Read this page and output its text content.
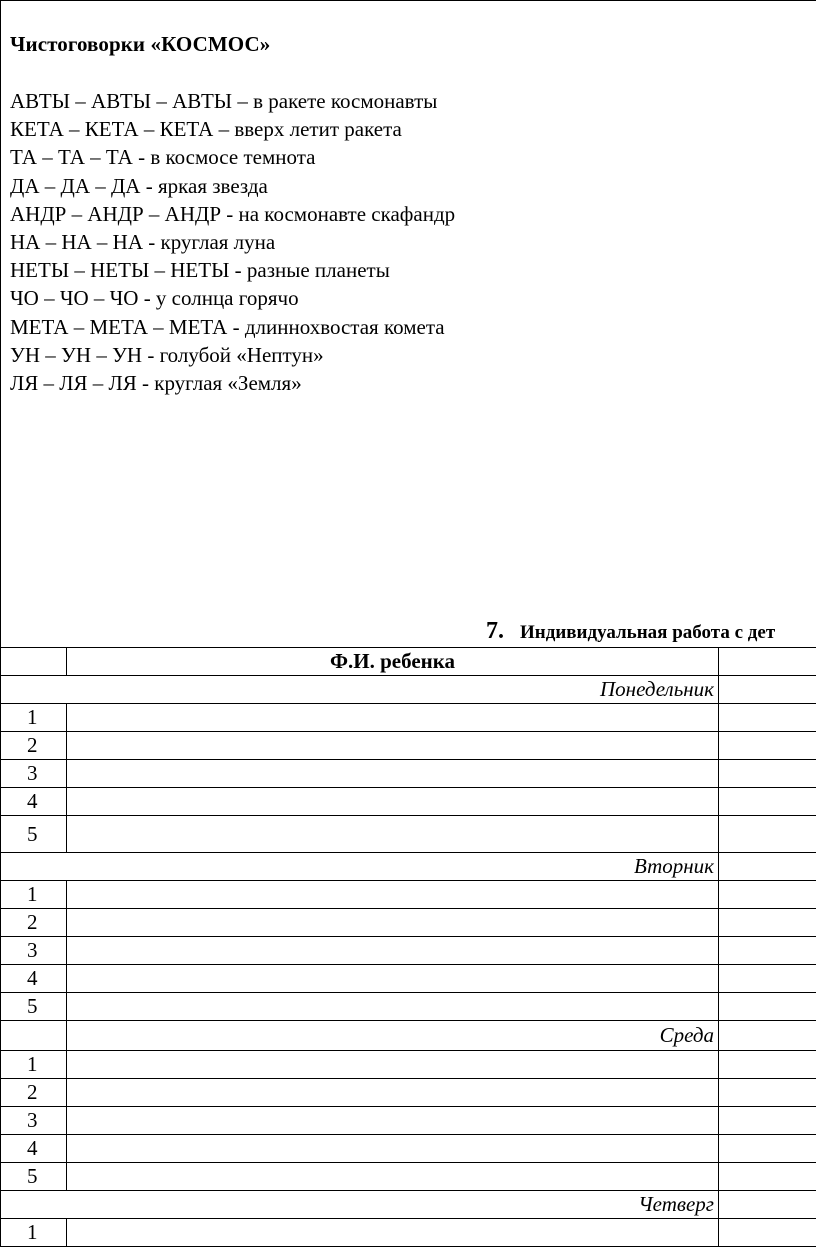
Чистоговорки «КОСМОС»
АВТЫ – АВТЫ – АВТЫ – в ракете космонавты
КЕТА – КЕТА – КЕТА – вверх летит ракета
ТА – ТА – ТА - в космосе темнота
ДА – ДА – ДА - яркая звезда
АНДР – АНДР – АНДР - на космонавте скафандр
НА – НА – НА - круглая луна
НЕТЫ – НЕТЫ – НЕТЫ - разные планеты
ЧО – ЧО – ЧО - у солнца горячо
МЕТА – МЕТА – МЕТА - длиннохвостая комета
УН – УН – УН - голубой «Нептун»
ЛЯ – ЛЯ – ЛЯ - круглая «Земля»
7. Индивидуальная работа с дет
	Ф.И. ребенка	
Понедельник		
1		
2		
3		
4		
5		
Вторник		
1		
2		
3		
4		
5		
	Среда	
1		
2		
3		
4		
5		
Четверг		
1		
